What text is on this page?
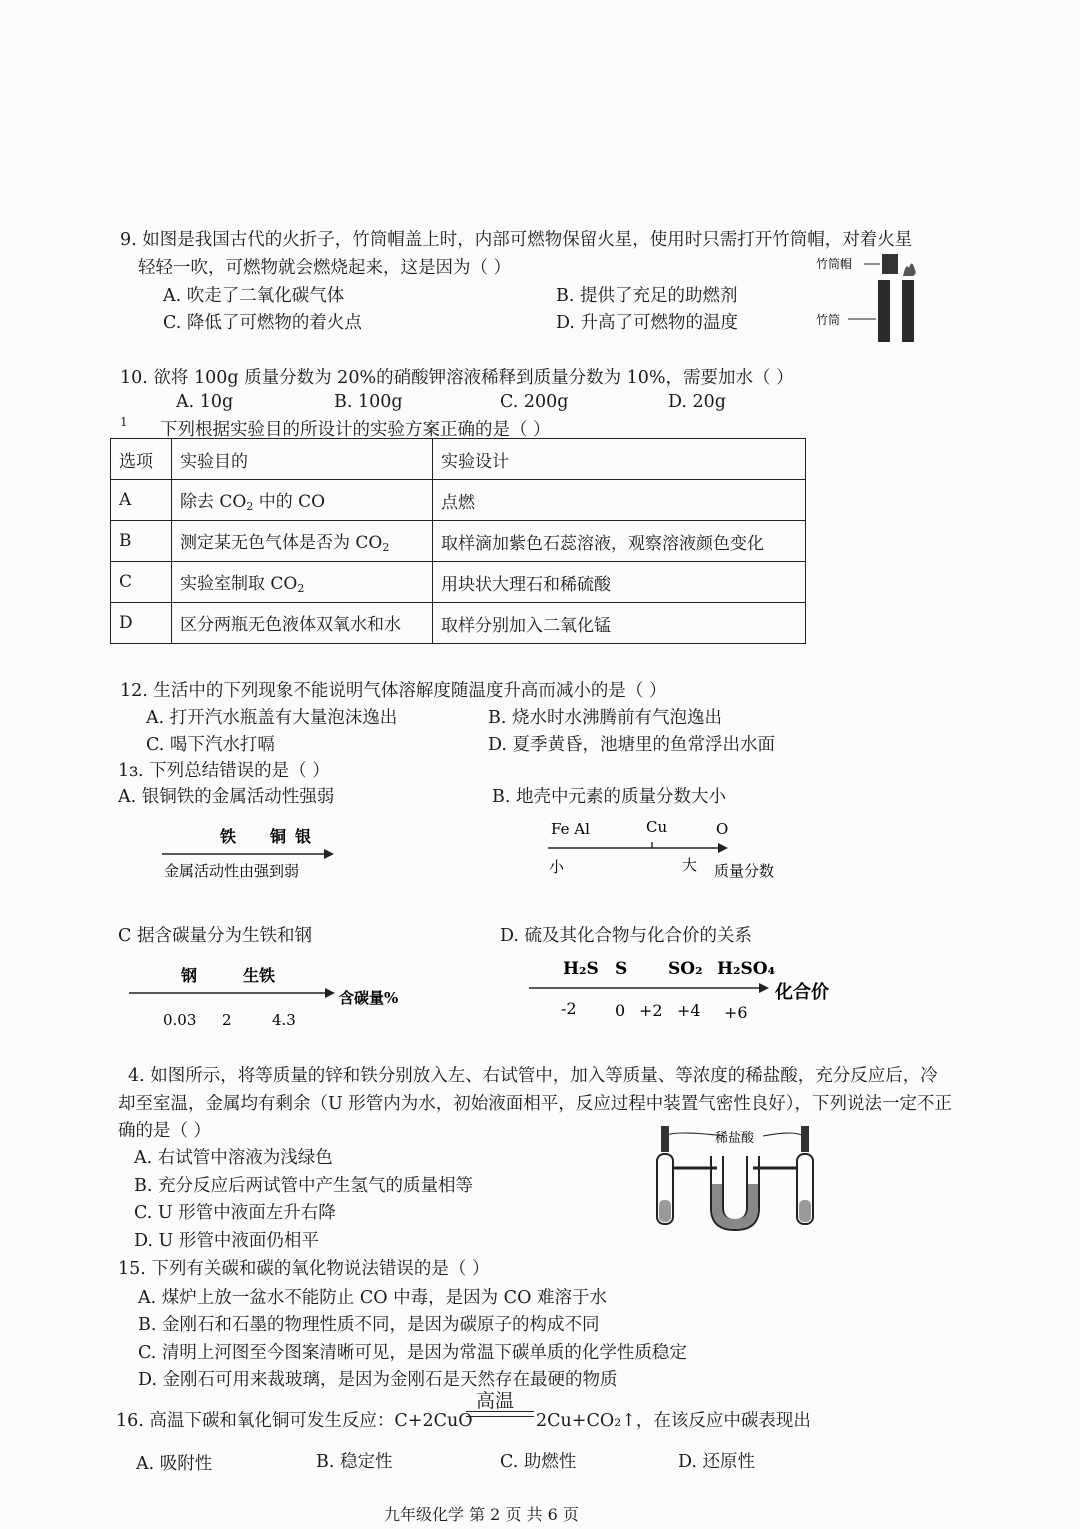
9. 如图是我国古代的火折子，竹筒帽盖上时，内部可燃物保留火星，使用时只需打开竹筒帽，对着火星
轻轻一吹，可燃物就会燃烧起来，这是因为（ ）
A. 吹走了二氧化碳气体	B. 提供了充足的助燃剂
C. 降低了可燃物的着火点	D. 升高了可燃物的温度
竹筒帽
竹筒
10. 欲将 100g 质量分数为 20%的硝酸钾溶液稀释到质量分数为 10%，需要加水（ ）
A. 10g	B. 100g	C. 200g	D. 20g
1 下列根据实验目的所设计的实验方案正确的是（ ）
选项	实验目的	实验设计
A	除去 $CO_2$ 中的 CO	点燃
B	测定某无色气体是否为 $CO_2$	取样滴加紫色石蕊溶液，观察溶液颜色变化
C	实验室制取 $CO_2$	用块状大理石和稀硫酸
D	区分两瓶无色液体双氧水和水	取样分别加入二氧化锰
12. 生活中的下列现象不能说明气体溶解度随温度升高而减小的是（ ）
A. 打开汽水瓶盖有大量泡沫逸出	B. 烧水时水沸腾前有气泡逸出
C. 喝下汽水打嗝	D. 夏季黄昏，池塘里的鱼常浮出水面
1ɜ. 下列总结错误的是（ ）
A. 银铜铁的金属活动性强弱	B. 地壳中元素的质量分数大小
铁 铜 银
金属活动性由强到弱
Fe Al	Cu	O
小	大 质量分数
C 据含碳量分为生铁和钢	D. 硫及其化合物与化合价的关系
钢	生铁
含碳量%
0.03 2	4.3
H₂S S SO₂ H₂SO₄
化合价
-2 0 +2 +4 +6
4. 如图所示，将等质量的锌和铁分别放入左、右试管中，加入等质量、等浓度的稀盐酸，充分反应后，冷
却至室温，金属均有剩余（U 形管内为水，初始液面相平，反应过程中装置气密性良好），下列说法一定不正
确的是（ ）
A. 右试管中溶液为浅绿色
B. 充分反应后两试管中产生氢气的质量相等
C. U 形管中液面左升右降
D. U 形管中液面仍相平
稀盐酸
15. 下列有关碳和碳的氧化物说法错误的是（ ）
A. 煤炉上放一盆水不能防止 CO 中毒，是因为 CO 难溶于水
B. 金刚石和石墨的物理性质不同，是因为碳原子的构成不同
C. 清明上河图至今图案清晰可见，是因为常温下碳单质的化学性质稳定
D. 金刚石可用来裁玻璃，是因为金刚石是天然存在最硬的物质
高温
16. 高温下碳和氧化铜可发生反应：C+2CuO	2Cu+CO₂↑，在该反应中碳表现出
A. 吸附性	B. 稳定性	C. 助燃性	D. 还原性
九年级化学 第 2 页 共 6 页
